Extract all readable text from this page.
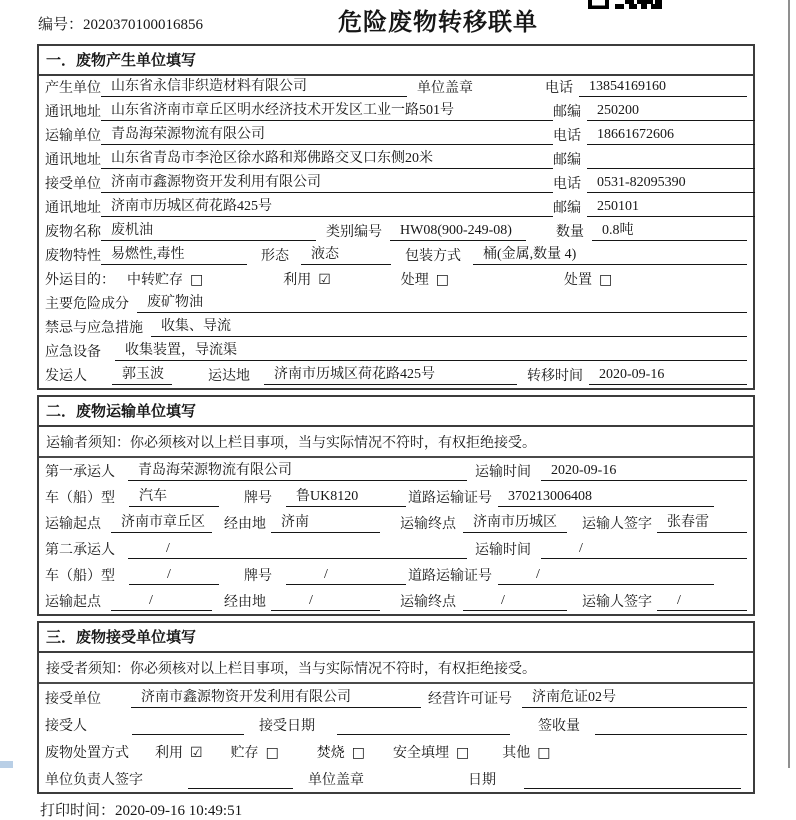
编号：2020370100016856	危险废物转移联单
一．废物产生单位填写
产生单位 山东省永信非织造材料有限公司	单位盖章	电话	13854169160
通讯地址 山东省济南市章丘区明水经济技术开发区工业一路501号	邮编	250200
运输单位 青岛海荣源物流有限公司	电话	18661672606
通讯地址 山东省青岛市李沧区徐水路和郑佛路交叉口东侧20米	邮编
接受单位 济南市鑫源物资开发利用有限公司	电话	0531-82095390
通讯地址 济南市历城区荷花路425号	邮编	250101
废物名称 废机油	类别编号	HW08(900-249-08)	数量	0.8吨
废物特性 易燃性,毒性	形态	液态	包装方式	桶(金属,数量 4)
外运目的： 中转贮存 □	利用 ☑	处理 □	处置 □
主要危险成分	废矿物油
禁忌与应急措施	收集、导流
应急设备	收集装置，导流渠
发运人	郭玉波	运达地	济南市历城区荷花路425号	转移时间	2020-09-16
二．废物运输单位填写
运输者须知：你必须核对以上栏目事项，当与实际情况不符时，有权拒绝接受。
第一承运人	青岛海荣源物流有限公司	运输时间	2020-09-16
车（船）型	汽车	牌号	鲁UK8120	道路运输证号	370213006408
运输起点	济南市章丘区	经由地	济南	运输终点	济南市历城区	运输人签字	张春雷
第二承运人	/	运输时间	/
车（船）型	/	牌号	/	道路运输证号	/
运输起点	/	经由地	/	运输终点	/	运输人签字	/
三．废物接受单位填写
接受者须知：你必须核对以上栏目事项，当与实际情况不符时，有权拒绝接受。
接受单位	济南市鑫源物资开发利用有限公司	经营许可证号	济南危证02号
接受人	接受日期	签收量
废物处置方式 利用 ☑ 贮存 □	焚烧 □ 安全填埋 □ 其他 □
单位负责人签字	单位盖章	日期
打印时间：2020-09-16 10:49:51
